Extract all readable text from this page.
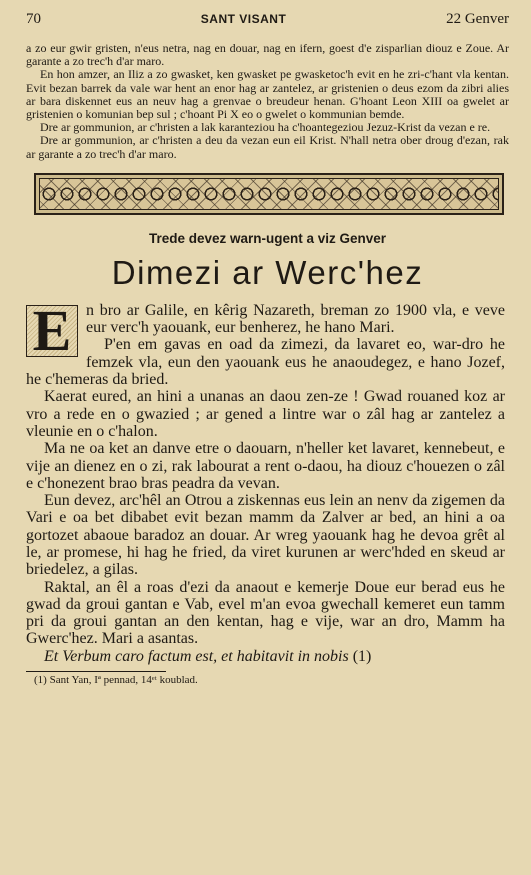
70	SANT VISANT	22 Genver

a zo eur gwir gristen, n'eus netra, nag en douar, nag en ifern, goest d'e zisparlian diouz e Zoue. Ar garante a zo trec'h d'ar maro.

En hon amzer, an Iliz a zo gwasket, ken gwasket pe gwasketoc'h evit en he zri-c'hant vla kentan. Evit bezan barrek da vale war hent an enor hag ar zantelez, ar gristenien o deus ezom da zibri alies ar bara diskennet eus an neuv hag a grenvae o breudeur henan. G'hoant Leon XIII oa gwelet ar gristenien o komunian bep sul ; c'hoant Pi X eo o gwelet o kommunian bemde.

Dre ar gommunion, ar c'hristen a lak karanteziou ha c'hoantegeziou Jezuz-Krist da vezan e re.

Dre ar gommunion, ar c'hristen a deu da vezan eun eil Krist. N'hall netra ober droug d'ezan, rak ar garante a zo trec'h d'ar maro.

Trede devez warn-ugent a viz Genver
Dimezi ar Werc'hez

E n bro ar Galile, en kêrig Nazareth, breman zo 1900 vla, e veve eur verc'h yaouank, eur benherez, he hano Mari.

P'en em gavas en oad da zimezi, da lavaret eo, war-dro he femzek vla, eun den yaouank eus he anaoudegez, e hano Jozef, he c'hemeras da bried.

Kaerat eured, an hini a unanas an daou zen-ze ! Gwad rouaned koz ar vro a rede en o gwazied ; ar gened a lintre war o zâl hag ar zantelez a vleunie en o c'halon.

Ma ne oa ket an danve etre o daouarn, n'heller ket lavaret, kennebeut, e vije an dienez en o zi, rak labourat a rent o-daou, ha diouz c'houezen o zâl e c'honezent brao bras peadra da vevan.

Eun devez, arc'hêl an Otrou a ziskennas eus lein an nenv da zigemen da Vari e oa bet dibabet evit bezan mamm da Zalver ar bed, an hini a oa gortozet abaoue baradoz an douar. Ar wreg yaouank hag he devoa grêt al le, ar promese, hi hag he fried, da viret kurunen ar werc'hded en skeud ar briedelez, a gilas.

Raktal, an êl a roas d'ezi da anaout e kemerje Doue eur berad eus he gwad da groui gantan e Vab, evel m'an evoa gwechall kemeret eun tamm pri da groui gantan an den kentan, hag e vije, war an dro, Mamm ha Gwerc'hez. Mari a asantas.

Et Verbum caro factum est, et habitavit in nobis (1)

(1) Sant Yan, Iª pennad, 14ᵉᵗ koublad.
